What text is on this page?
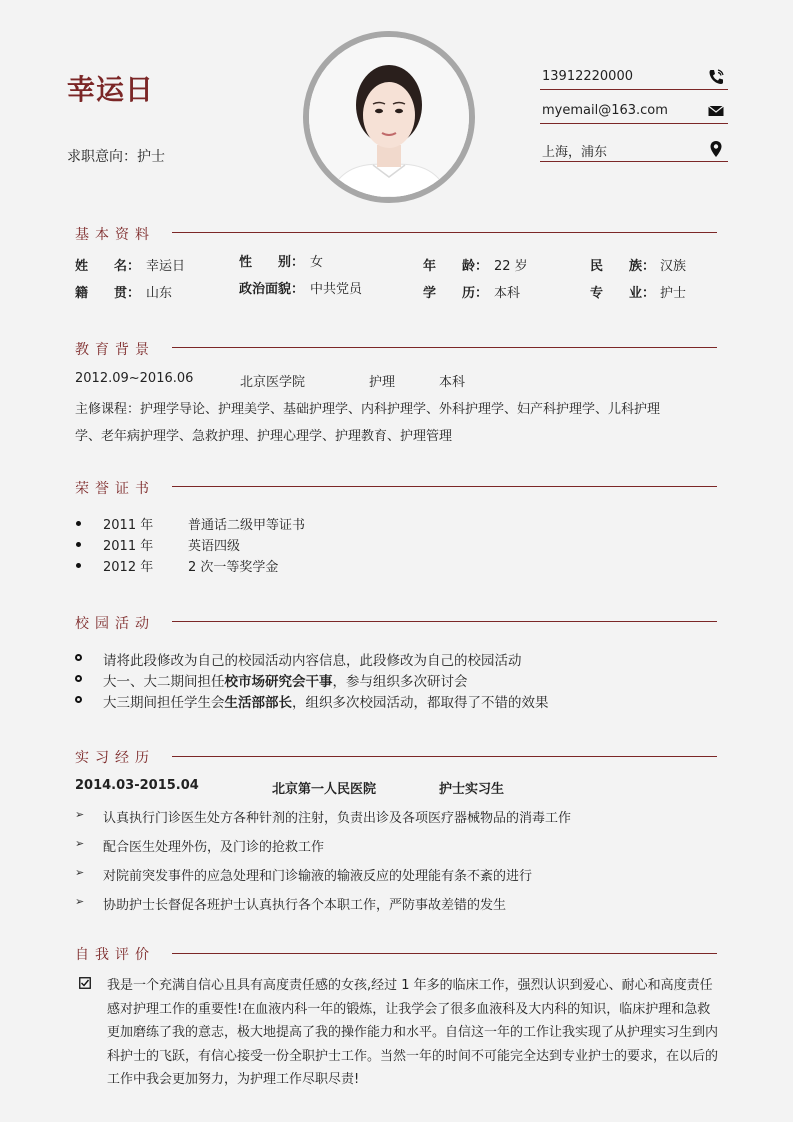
幸运日
求职意向：护士
13912220000
myemail@163.com
上海，浦东
基本资料
姓　　名： 幸运日	性　　别： 女	年　　龄： 22 岁	民　　族： 汉族
籍　　贯： 山东	政治面貌： 中共党员	学　　历： 本科	专　　业： 护士
教育背景
2012.09~2016.06	北京医学院	护理	本科
主修课程：护理学导论、护理美学、基础护理学、内科护理学、外科护理学、妇产科护理学、儿科护理
学、老年病护理学、急救护理、护理心理学、护理教育、护理管理
荣誉证书
2011 年	普通话二级甲等证书
2011 年	英语四级
2012 年	2 次一等奖学金
校园活动
请将此段修改为自己的校园活动内容信息，此段修改为自己的校园活动
大一、大二期间担任校市场研究会干事，参与组织多次研讨会
大三期间担任学生会生活部部长，组织多次校园活动，都取得了不错的效果
实习经历
2014.03-2015.04	北京第一人民医院	护士实习生
➢ 认真执行门诊医生处方各种针剂的注射，负责出诊及各项医疗器械物品的消毒工作
➢ 配合医生处理外伤，及门诊的抢救工作
➢ 对院前突发事件的应急处理和门诊输液的输液反应的处理能有条不紊的进行
➢ 协助护士长督促各班护士认真执行各个本职工作，严防事故差错的发生
自我评价
我是一个充满自信心且具有高度责任感的女孩,经过 1 年多的临床工作，强烈认识到爱心、耐心和高度责任感对护理工作的重要性!在血液内科一年的锻炼，让我学会了很多血液科及大内科的知识，临床护理和急救更加磨练了我的意志，极大地提高了我的操作能力和水平。自信这一年的工作让我实现了从护理实习生到内科护士的飞跃，有信心接受一份全职护士工作。当然一年的时间不可能完全达到专业护士的要求，在以后的工作中我会更加努力，为护理工作尽职尽责!
